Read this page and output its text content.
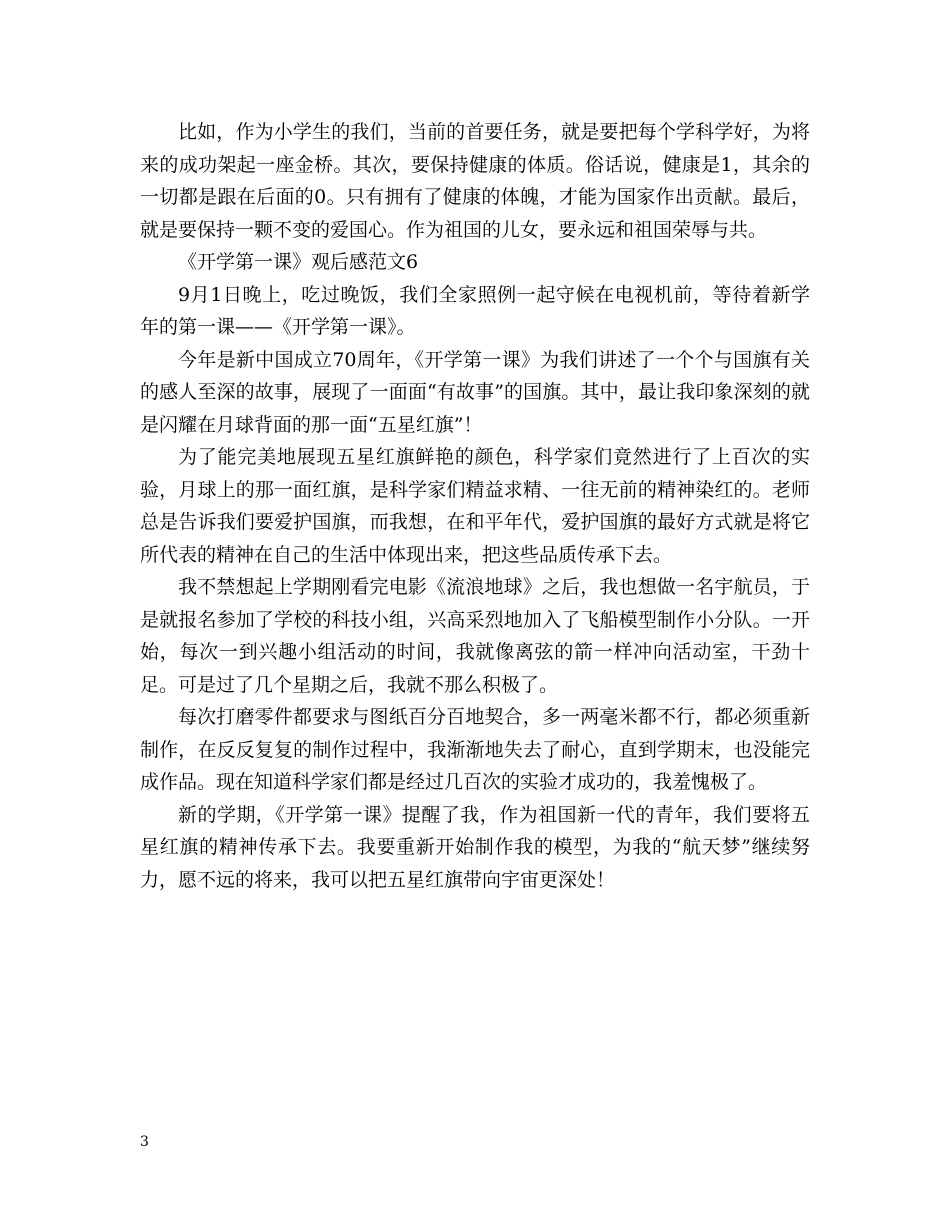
比如，作为小学生的我们，当前的首要任务，就是要把每个学科学好，为将来的成功架起一座金桥。其次，要保持健康的体质。俗话说，健康是1，其余的一切都是跟在后面的0。只有拥有了健康的体魄，才能为国家作出贡献。最后，就是要保持一颗不变的爱国心。作为祖国的儿女，要永远和祖国荣辱与共。

《开学第一课》观后感范文6

9月1日晚上，吃过晚饭，我们全家照例一起守候在电视机前，等待着新学年的第一课——《开学第一课》。

今年是新中国成立70周年，《开学第一课》为我们讲述了一个个与国旗有关的感人至深的故事，展现了一面面“有故事”的国旗。其中，最让我印象深刻的就是闪耀在月球背面的那一面“五星红旗”！

为了能完美地展现五星红旗鲜艳的颜色，科学家们竟然进行了上百次的实验，月球上的那一面红旗，是科学家们精益求精、一往无前的精神染红的。老师总是告诉我们要爱护国旗，而我想，在和平年代，爱护国旗的最好方式就是将它所代表的精神在自己的生活中体现出来，把这些品质传承下去。

我不禁想起上学期刚看完电影《流浪地球》之后，我也想做一名宇航员，于是就报名参加了学校的科技小组，兴高采烈地加入了飞船模型制作小分队。一开始，每次一到兴趣小组活动的时间，我就像离弦的箭一样冲向活动室，干劲十足。可是过了几个星期之后，我就不那么积极了。

每次打磨零件都要求与图纸百分百地契合，多一两毫米都不行，都必须重新制作，在反反复复的制作过程中，我渐渐地失去了耐心，直到学期末，也没能完成作品。现在知道科学家们都是经过几百次的实验才成功的，我羞愧极了。

新的学期，《开学第一课》提醒了我，作为祖国新一代的青年，我们要将五星红旗的精神传承下去。我要重新开始制作我的模型，为我的“航天梦”继续努力，愿不远的将来，我可以把五星红旗带向宇宙更深处！

3
